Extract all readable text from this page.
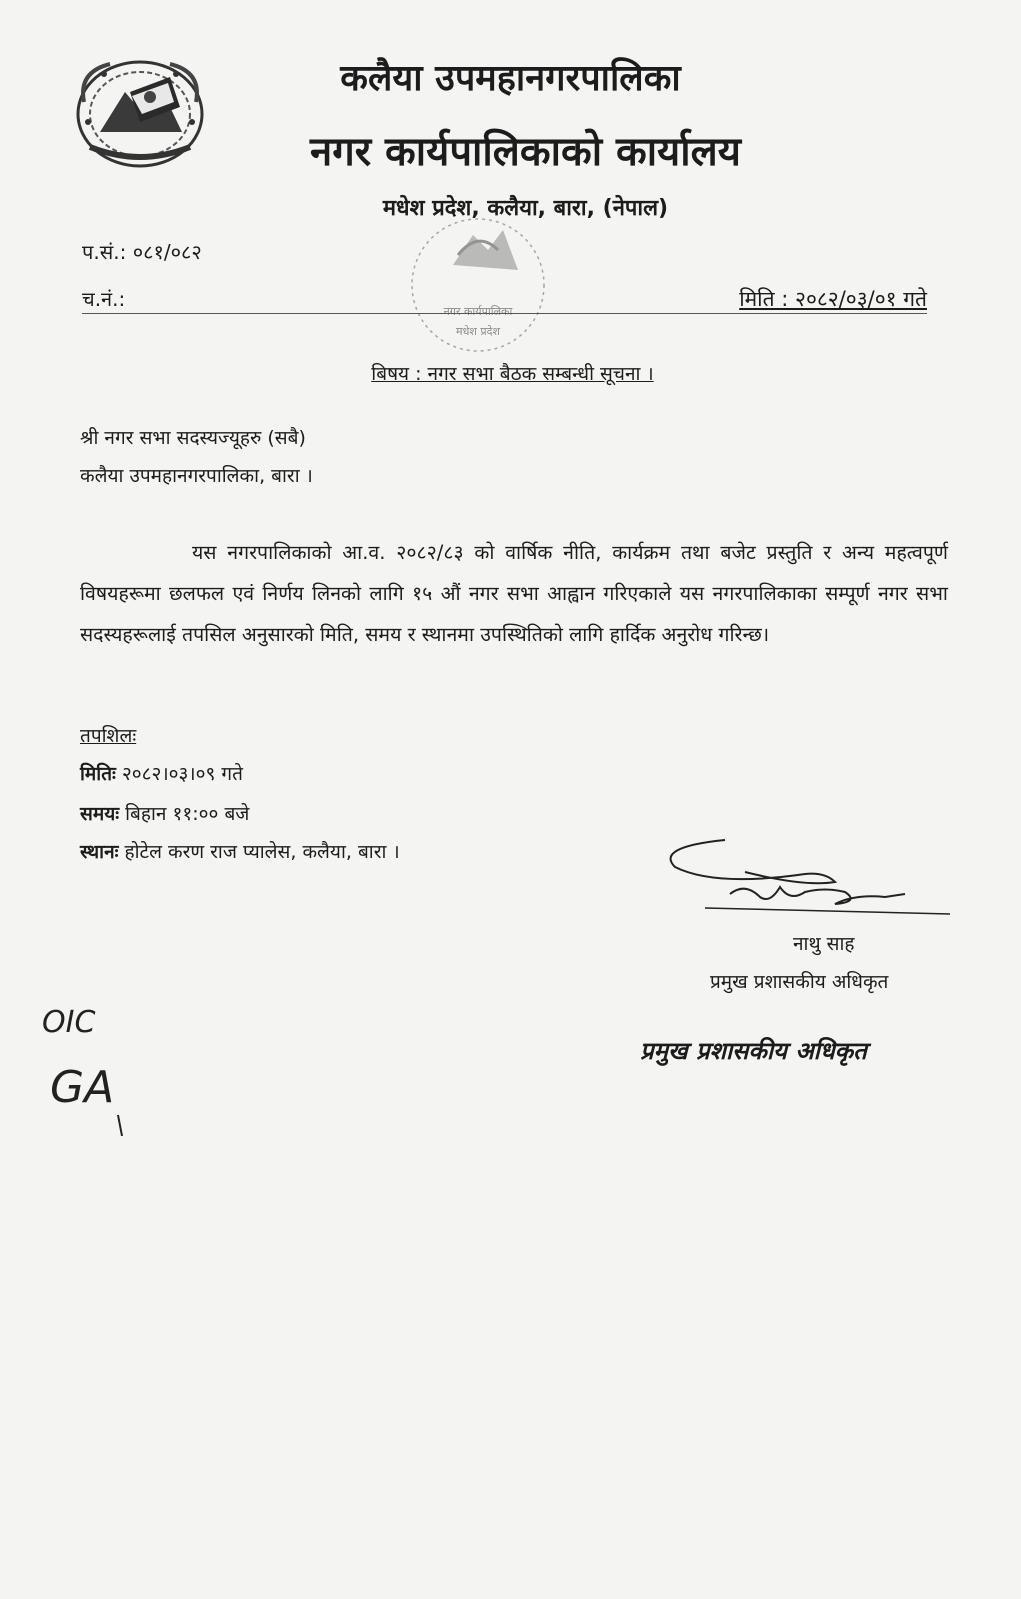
कलैया उपमहानगरपालिका
नगर कार्यपालिकाको कार्यालय
मधेश प्रदेश, कलैया, बारा, (नेपाल)
नगर कार्यपालिका
मधेश प्रदेश
प.सं.: ०८१/०८२
च.नं.:	मिति : २०८२/०३/०१ गते
बिषय : नगर सभा बैठक सम्बन्धी सूचना ।
श्री नगर सभा सदस्यज्यूहरु (सबै)
कलैया उपमहानगरपालिका, बारा ।
यस नगरपालिकाको आ.व. २०८२/८३ को वार्षिक नीति, कार्यक्रम तथा बजेट प्रस्तुति र अन्य महत्वपूर्ण विषयहरूमा छलफल एवं निर्णय लिनको लागि १५ औं नगर सभा आह्वान गरिएकाले यस नगरपालिकाका सम्पूर्ण नगर सभा सदस्यहरूलाई तपसिल अनुसारको मिति, समय र स्थानमा उपस्थितिको लागि हार्दिक अनुरोध गरिन्छ।
तपशिलः
मितिः २०८२।०३।०९ गते
समयः बिहान ११:०० बजे
स्थानः होटेल करण राज प्यालेस, कलैया, बारा ।
नाथु साह
प्रमुख प्रशासकीय अधिकृत
प्रमुख प्रशासकीय अधिकृत
OIC
GA
